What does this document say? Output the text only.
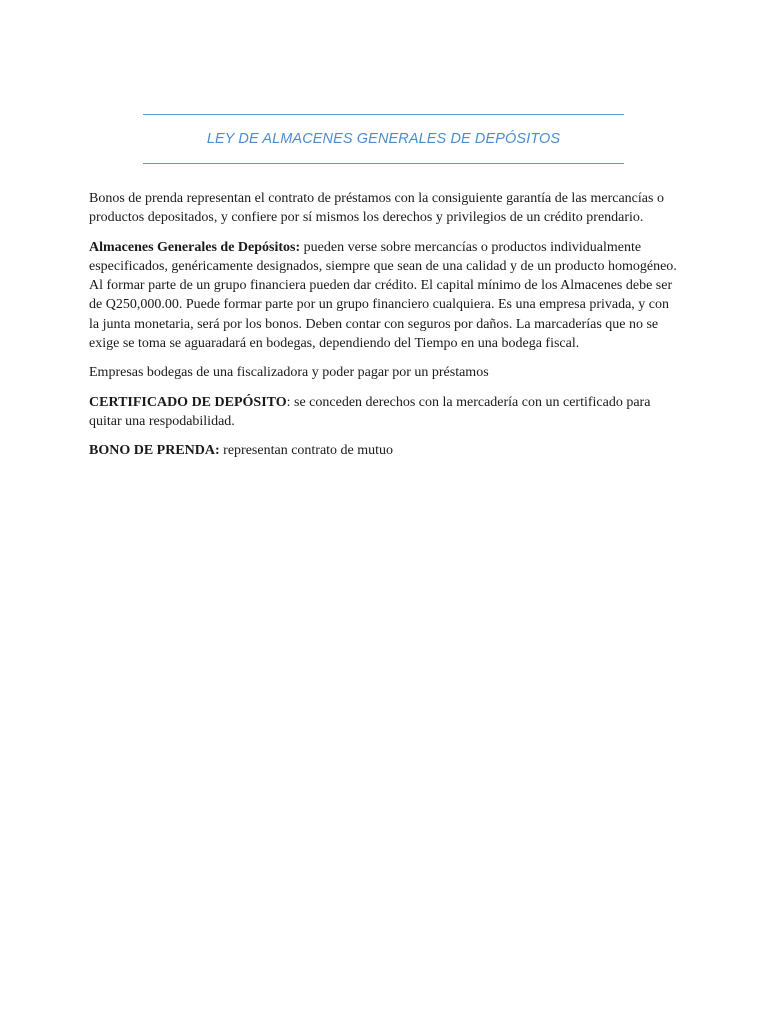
LEY DE ALMACENES GENERALES DE DEPÓSITOS

Bonos de prenda representan el contrato de préstamos con la consiguiente garantía de las mercancías o productos depositados, y confiere por sí mismos los derechos y privilegios de un crédito prendario.

Almacenes Generales de Depósitos: pueden verse sobre mercancías o productos individualmente especificados, genéricamente designados, siempre que sean de una calidad y de un producto homogéneo. Al formar parte de un grupo financiera pueden dar crédito. El capital mínimo de los Almacenes debe ser de Q250,000.00. Puede formar parte por un grupo financiero cualquiera. Es una empresa privada, y con la junta monetaria, será por los bonos. Deben contar con seguros por daños. La marcaderías que no se exige se toma se aguaradará en bodegas, dependiendo del Tiempo en una bodega fiscal.

Empresas bodegas de una fiscalizadora y poder pagar por un préstamos

CERTIFICADO DE DEPÓSITO: se conceden derechos con la mercadería con un certificado para quitar una respodabilidad.

BONO DE PRENDA: representan contrato de mutuo
